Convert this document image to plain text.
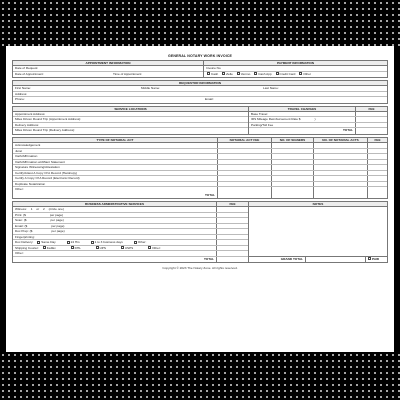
GENERAL NOTARY WORK INVOICE
APPOINTMENT INFORMATION
Date of Request:
Date of Appointment:	Time of Appointment:
PAYMENT INFORMATION
Invoice No.
Cash	Zelle	Venmo	Cash App	Credit Card	Other
REQUESTOR INFORMATION
First Name:	Middle Name:	Last Name:
Address:
Phone:	Email:
SERVICE LOCATIONS
Appointment Address:
Miles Driven Round Trip (Appointment Address):
Delivery Address:
Miles Driven Round Trip (Delivery Address):
TRAVEL CHARGES	FEE
Base Travel
IRS Mileage Reimbursement Rate $	)
Parking/Toll Fee
TOTAL
TYPE OF NOTARIAL ACT	NOTARIAL ACT FEE	NO. OF SIGNERS	NO. OF NOTARIAL ACTS	FEE
Acknowledgement
Jurat
Oath/Affirmation
Oath/Affirmation w/Affiant Statement
Signature Witnessing/Attestation
Certify/Attest A Copy Of A Record (Hardcopy)
Certify A Copy Of A Record (Electronic Record)
Duplicate Notarization
Other:
TOTAL
BUSINESS ADMINISTRATIVE SERVICES	FEE
Witness: 1 or 2 (circle one)
Print: ($	per page)
Scan: ($	per page)
Email: ($	per page)
Doc Prep: ($	per page)
Fingerprinting:
Doc Delivery:	Same Day	24 Hrs	1 to 3 business days	Other:
Shipping Courier:	FedEx	DHL	UPS	USPS	Other:
Other:
TOTAL
NOTES
GRAND TOTAL	PAID
Copyright © 2023 The Notary Zone. All rights reserved.
